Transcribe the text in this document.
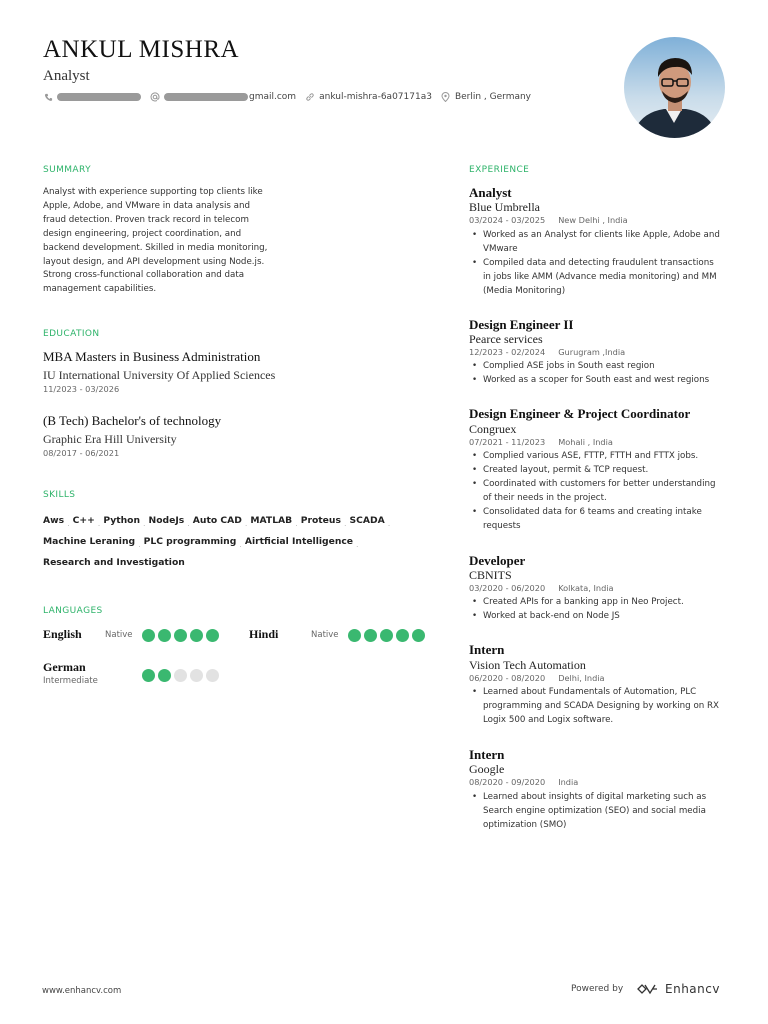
ANKUL MISHRA
Analyst
gmail.com	ankul-mishra-6a07171a3	Berlin , Germany
SUMMARY
Analyst with experience supporting top clients like Apple, Adobe, and VMware in data analysis and fraud detection. Proven track record in telecom design engineering, project coordination, and backend development. Skilled in media monitoring, layout design, and API development using Node.js. Strong cross-functional collaboration and data management capabilities.
EDUCATION
MBA Masters in Business Administration
IU International University Of Applied Sciences
11/2023 - 03/2026
(B Tech) Bachelor's of technology
Graphic Era Hill University
08/2017 - 06/2021
SKILLS
Aws . C++ . Python . NodeJs . Auto CAD . MATLAB . Proteus . SCADA .
Machine Leraning . PLC programming . Airtficial Intelligence .
Research and Investigation
LANGUAGES
English	Native	Hindi	Native
German
Intermediate
EXPERIENCE
Analyst
Blue Umbrella
03/2024 - 03/2025 New Delhi , India
• Worked as an Analyst for clients like Apple, Adobe and VMware
• Compiled data and detecting fraudulent transactions in jobs like AMM (Advance media monitoring) and MM (Media Monitoring)
Design Engineer II
Pearce services
12/2023 - 02/2024 Gurugram ,India
• Complied ASE jobs in South east region
• Worked as a scoper for South east and west regions
Design Engineer & Project Coordinator
Congruex
07/2021 - 11/2023 Mohali , India
• Complied various ASE, FTTP, FTTH and FTTX jobs.
• Created layout, permit & TCP request.
• Coordinated with customers for better understanding of their needs in the project.
• Consolidated data for 6 teams and creating intake requests
Developer
CBNITS
03/2020 - 06/2020 Kolkata, India
• Created APIs for a banking app in Neo Project.
• Worked at back-end on Node JS
Intern
Vision Tech Automation
06/2020 - 08/2020 Delhi, India
• Learned about Fundamentals of Automation, PLC programming and SCADA Designing by working on RX Logix 500 and Logix software.
Intern
Google
08/2020 - 09/2020 India
• Learned about insights of digital marketing such as Search engine optimization (SEO) and social media optimization (SMO)
www.enhancv.com	Powered by	Enhancv
